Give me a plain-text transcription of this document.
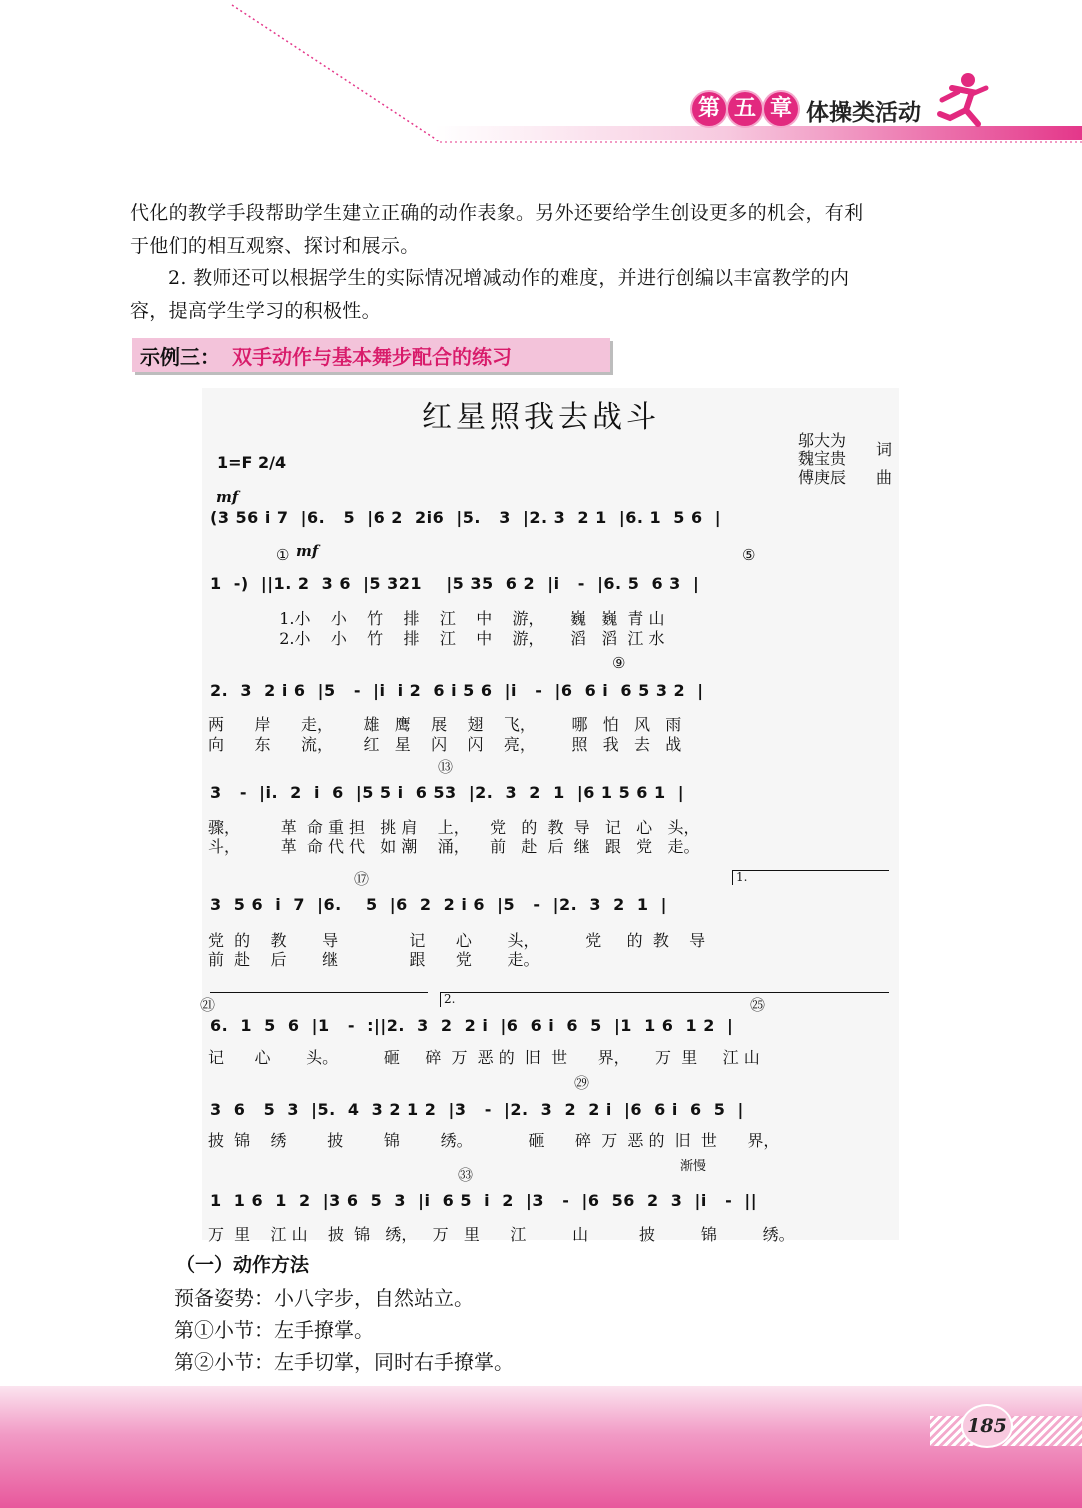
第 五 章 体操类活动
代化的教学手段帮助学生建立正确的动作表象。另外还要给学生创设更多的机会，有利
于他们的相互观察、探讨和展示。
2. 教师还可以根据学生的实际情况增减动作的难度，并进行创编以丰富教学的内
容，提高学生学习的积极性。
示例三： 双手动作与基本舞步配合的练习
红星照我去战斗
邬大为
魏宝贵 词
傅庚辰 曲
1=F 2/4
mf
mf
渐慢
①	⑤
⑨
⑬
⑰
㉑	㉕
㉙
㉝
1.
2.
(3 56 i 7  |6.   5  |6 2  2i6  |5.   3  |2. 3  2 1  |6. 1  5 6  |
1  -)  ||1. 2  3 6  |5 321    |5 35  6 2  |i   -  |6. 5  6 3  |
1.小    小    竹    排    江    中    游，     巍   巍  青 山
2.小    小    竹    排    江    中    游，     滔   滔  江 水
2.  3  2 i 6  |5   -  |i  i 2  6 i 5 6  |i   -  |6  6 i  6 5 3 2  |
两      岸      走，      雄   鹰    展    翅    飞，       哪   怕   风   雨
向      东      流，      红   星    闪    闪    亮，       照   我   去   战
3   -  |i.  2  i  6  |5 5 i  6 53  |2.  3  2  1  |6 1 5 6 1  |
骤，        革  命 重 担   挑 肩    上，    党   的  教  导   记   心   头，
斗，        革  命 代 代   如 潮    涌，    前   赴  后  继   跟   党   走。
3  5 6  i  7  |6.    5  |6  2  2 i 6  |5   -  |2.  3  2  1  |
党  的    教       导              记      心       头，         党     的  教    导
前  赴    后       继              跟      党       走。
6.  1  5  6  |1   -  :||2.  3  2  2 i  |6  6 i  6  5  |1  1 6  1 2  |
记      心       头。         砸     碎  万  恶 的  旧  世      界，     万  里     江 山
3  6   5  3  |5.  4  3 2 1 2  |3   -  |2.  3  2  2 i  |6  6 i  6  5  |
披  锦    绣        披        锦        绣。           砸      碎  万  恶 的  旧  世      界，
1  1 6  1  2  |3 6  5  3  |i  6 5  i  2  |3   -  |6  56  2  3  |i   -  ||
万  里    江 山    披  锦   绣，   万   里      江         山          披         锦         绣。
（一）动作方法
预备姿势：小八字步，自然站立。
第①小节：左手撩掌。
第②小节：左手切掌，同时右手撩掌。
185
